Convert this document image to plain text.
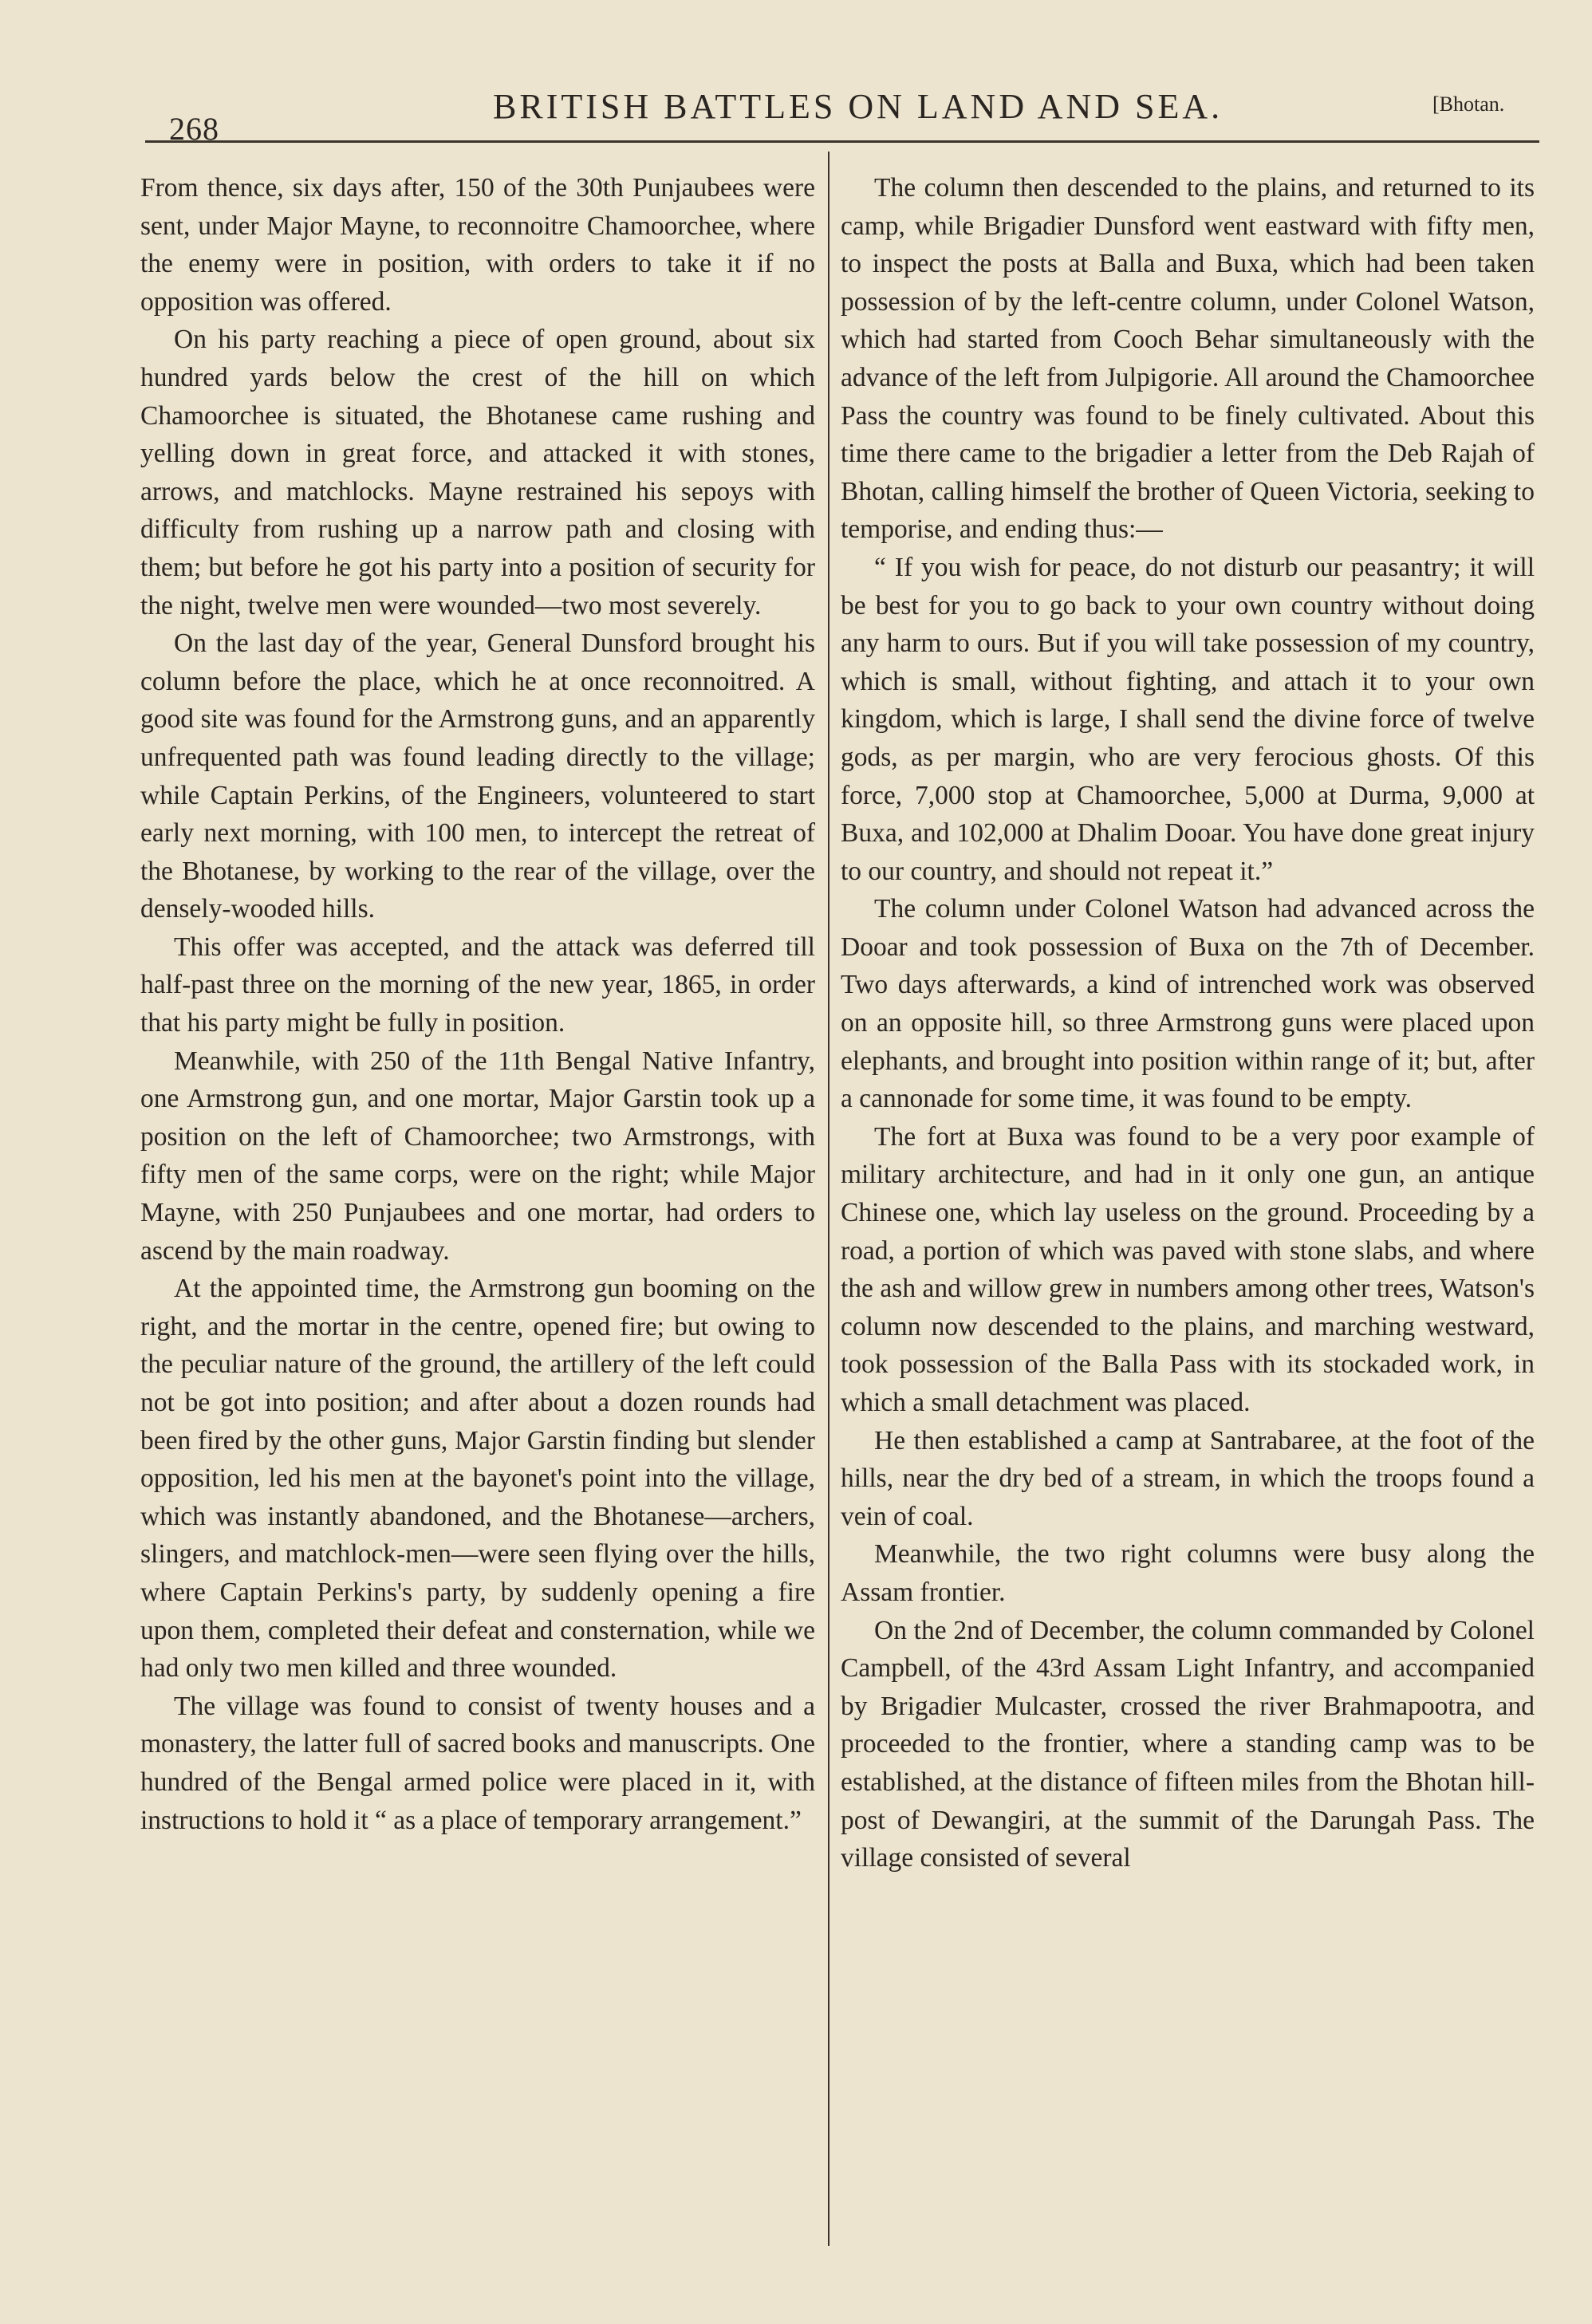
268
BRITISH BATTLES ON LAND AND SEA.	[Bhotan.

From thence, six days after, 150 of the 30th Punjaubees were sent, under Major Mayne, to reconnoitre Chamoorchee, where the enemy were in position, with orders to take it if no opposition was offered.

On his party reaching a piece of open ground, about six hundred yards below the crest of the hill on which Chamoorchee is situated, the Bhotanese came rushing and yelling down in great force, and attacked it with stones, arrows, and matchlocks. Mayne restrained his sepoys with difficulty from rushing up a narrow path and closing with them; but before he got his party into a position of security for the night, twelve men were wounded—two most severely.

On the last day of the year, General Dunsford brought his column before the place, which he at once reconnoitred. A good site was found for the Armstrong guns, and an apparently unfrequented path was found leading directly to the village; while Captain Perkins, of the Engineers, volunteered to start early next morning, with 100 men, to intercept the retreat of the Bhotanese, by working to the rear of the village, over the densely-wooded hills.

This offer was accepted, and the attack was deferred till half-past three on the morning of the new year, 1865, in order that his party might be fully in position.

Meanwhile, with 250 of the 11th Bengal Native Infantry, one Armstrong gun, and one mortar, Major Garstin took up a position on the left of Chamoorchee; two Armstrongs, with fifty men of the same corps, were on the right; while Major Mayne, with 250 Punjaubees and one mortar, had orders to ascend by the main roadway.

At the appointed time, the Armstrong gun booming on the right, and the mortar in the centre, opened fire; but owing to the peculiar nature of the ground, the artillery of the left could not be got into position; and after about a dozen rounds had been fired by the other guns, Major Garstin finding but slender opposition, led his men at the bayonet's point into the village, which was instantly abandoned, and the Bhotanese—archers, slingers, and matchlock-men—were seen flying over the hills, where Captain Perkins's party, by suddenly opening a fire upon them, completed their defeat and consternation, while we had only two men killed and three wounded.

The village was found to consist of twenty houses and a monastery, the latter full of sacred books and manuscripts. One hundred of the Bengal armed police were placed in it, with instructions to hold it “ as a place of temporary arrangement.”

The column then descended to the plains, and returned to its camp, while Brigadier Dunsford went eastward with fifty men, to inspect the posts at Balla and Buxa, which had been taken possession of by the left-centre column, under Colonel Watson, which had started from Cooch Behar simultaneously with the advance of the left from Julpigorie. All around the Chamoorchee Pass the country was found to be finely cultivated. About this time there came to the brigadier a letter from the Deb Rajah of Bhotan, calling himself the brother of Queen Victoria, seeking to temporise, and ending thus:—

“ If you wish for peace, do not disturb our peasantry; it will be best for you to go back to your own country without doing any harm to ours. But if you will take possession of my country, which is small, without fighting, and attach it to your own kingdom, which is large, I shall send the divine force of twelve gods, as per margin, who are very ferocious ghosts. Of this force, 7,000 stop at Chamoorchee, 5,000 at Durma, 9,000 at Buxa, and 102,000 at Dhalim Dooar. You have done great injury to our country, and should not repeat it.”

The column under Colonel Watson had advanced across the Dooar and took possession of Buxa on the 7th of December. Two days afterwards, a kind of intrenched work was observed on an opposite hill, so three Armstrong guns were placed upon elephants, and brought into position within range of it; but, after a cannonade for some time, it was found to be empty.

The fort at Buxa was found to be a very poor example of military architecture, and had in it only one gun, an antique Chinese one, which lay useless on the ground. Proceeding by a road, a portion of which was paved with stone slabs, and where the ash and willow grew in numbers among other trees, Watson's column now descended to the plains, and marching westward, took possession of the Balla Pass with its stockaded work, in which a small detachment was placed.

He then established a camp at Santrabaree, at the foot of the hills, near the dry bed of a stream, in which the troops found a vein of coal.

Meanwhile, the two right columns were busy along the Assam frontier.

On the 2nd of December, the column commanded by Colonel Campbell, of the 43rd Assam Light Infantry, and accompanied by Brigadier Mulcaster, crossed the river Brahmapootra, and proceeded to the frontier, where a standing camp was to be established, at the distance of fifteen miles from the Bhotan hill-post of Dewangiri, at the summit of the Darungah Pass. The village consisted of several
